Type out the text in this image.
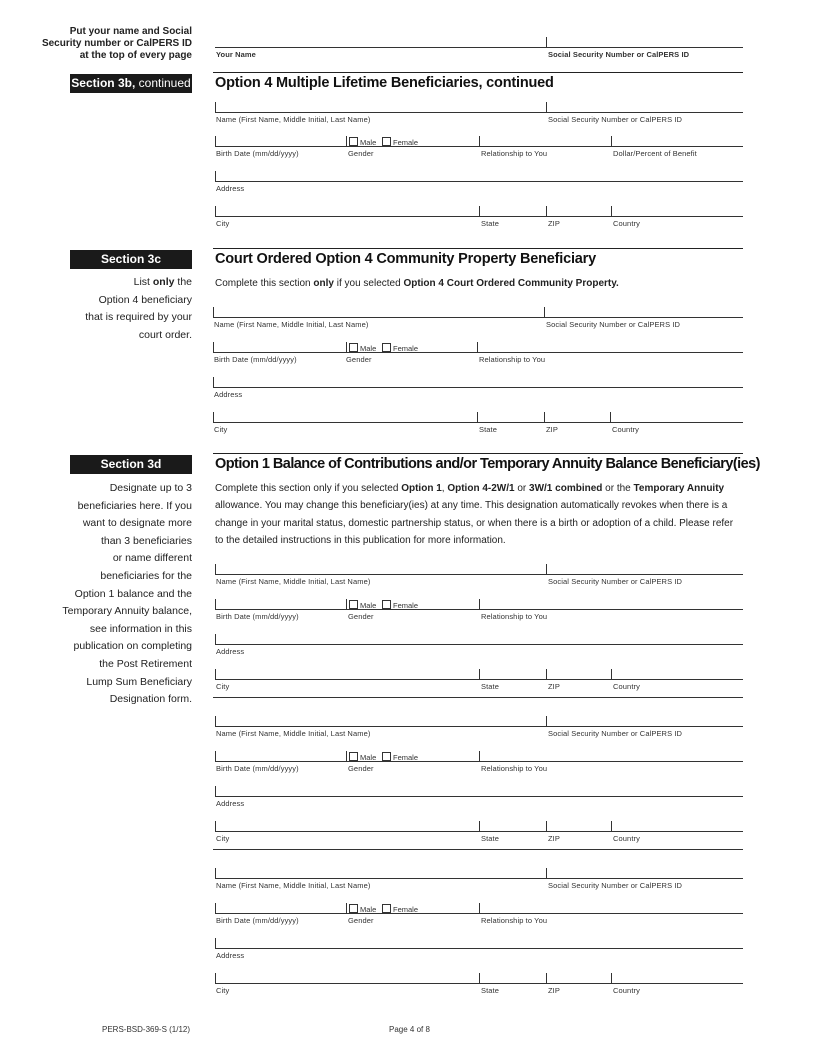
Put your name and Social
Security number or CalPERS ID
at the top of every page	Your Name	Social Security Number or CalPERS ID
Section 3b, continued Option 4 Multiple Lifetime Beneficiaries, continued
Name (First Name, Middle Initial, Last Name)	Social Security Number or CalPERS ID
Male Female
Birth Date (mm/dd/yyyy)	Gender	Relationship to You	Dollar/Percent of Benefit
Address
City	State	ZIP	Country
Section 3c	Court Ordered Option 4 Community Property Beneficiary
List only the
Option 4 beneficiary
that is required by your
court order.
Complete this section only if you selected Option 4 Court Ordered Community Property.
Name (First Name, Middle Initial, Last Name)	Social Security Number or CalPERS ID
Male Female
Birth Date (mm/dd/yyyy)	Gender	Relationship to You
Address
City	State	ZIP	Country
Section 3d	Option 1 Balance of Contributions and/or Temporary Annuity Balance Beneficiary(ies)
Designate up to 3
beneficiaries here. If you
want to designate more
than 3 beneficiaries
or name different
beneficiaries for the
Option 1 balance and the
Temporary Annuity balance,
see information in this
publication on completing
the Post Retirement
Lump Sum Beneficiary
Designation form.
Complete this section only if you selected Option 1, Option 4-2W/1 or 3W/1 combined or the Temporary Annuity
allowance. You may change this beneficiary(ies) at any time. This designation automatically revokes when there is a
change in your marital status, domestic partnership status, or when there is a birth or adoption of a child. Please refer
to the detailed instructions in this publication for more information.
Name (First Name, Middle Initial, Last Name)	Social Security Number or CalPERS ID
Male Female
Birth Date (mm/dd/yyyy)	Gender	Relationship to You
Address
City	State	ZIP	Country
Name (First Name, Middle Initial, Last Name)	Social Security Number or CalPERS ID
Male Female
Birth Date (mm/dd/yyyy)	Gender	Relationship to You
Address
City	State	ZIP	Country
Name (First Name, Middle Initial, Last Name)	Social Security Number or CalPERS ID
Male Female
Birth Date (mm/dd/yyyy)	Gender	Relationship to You
Address
City	State	ZIP	Country
PERS-BSD-369-S (1/12)	Page 4 of 8
